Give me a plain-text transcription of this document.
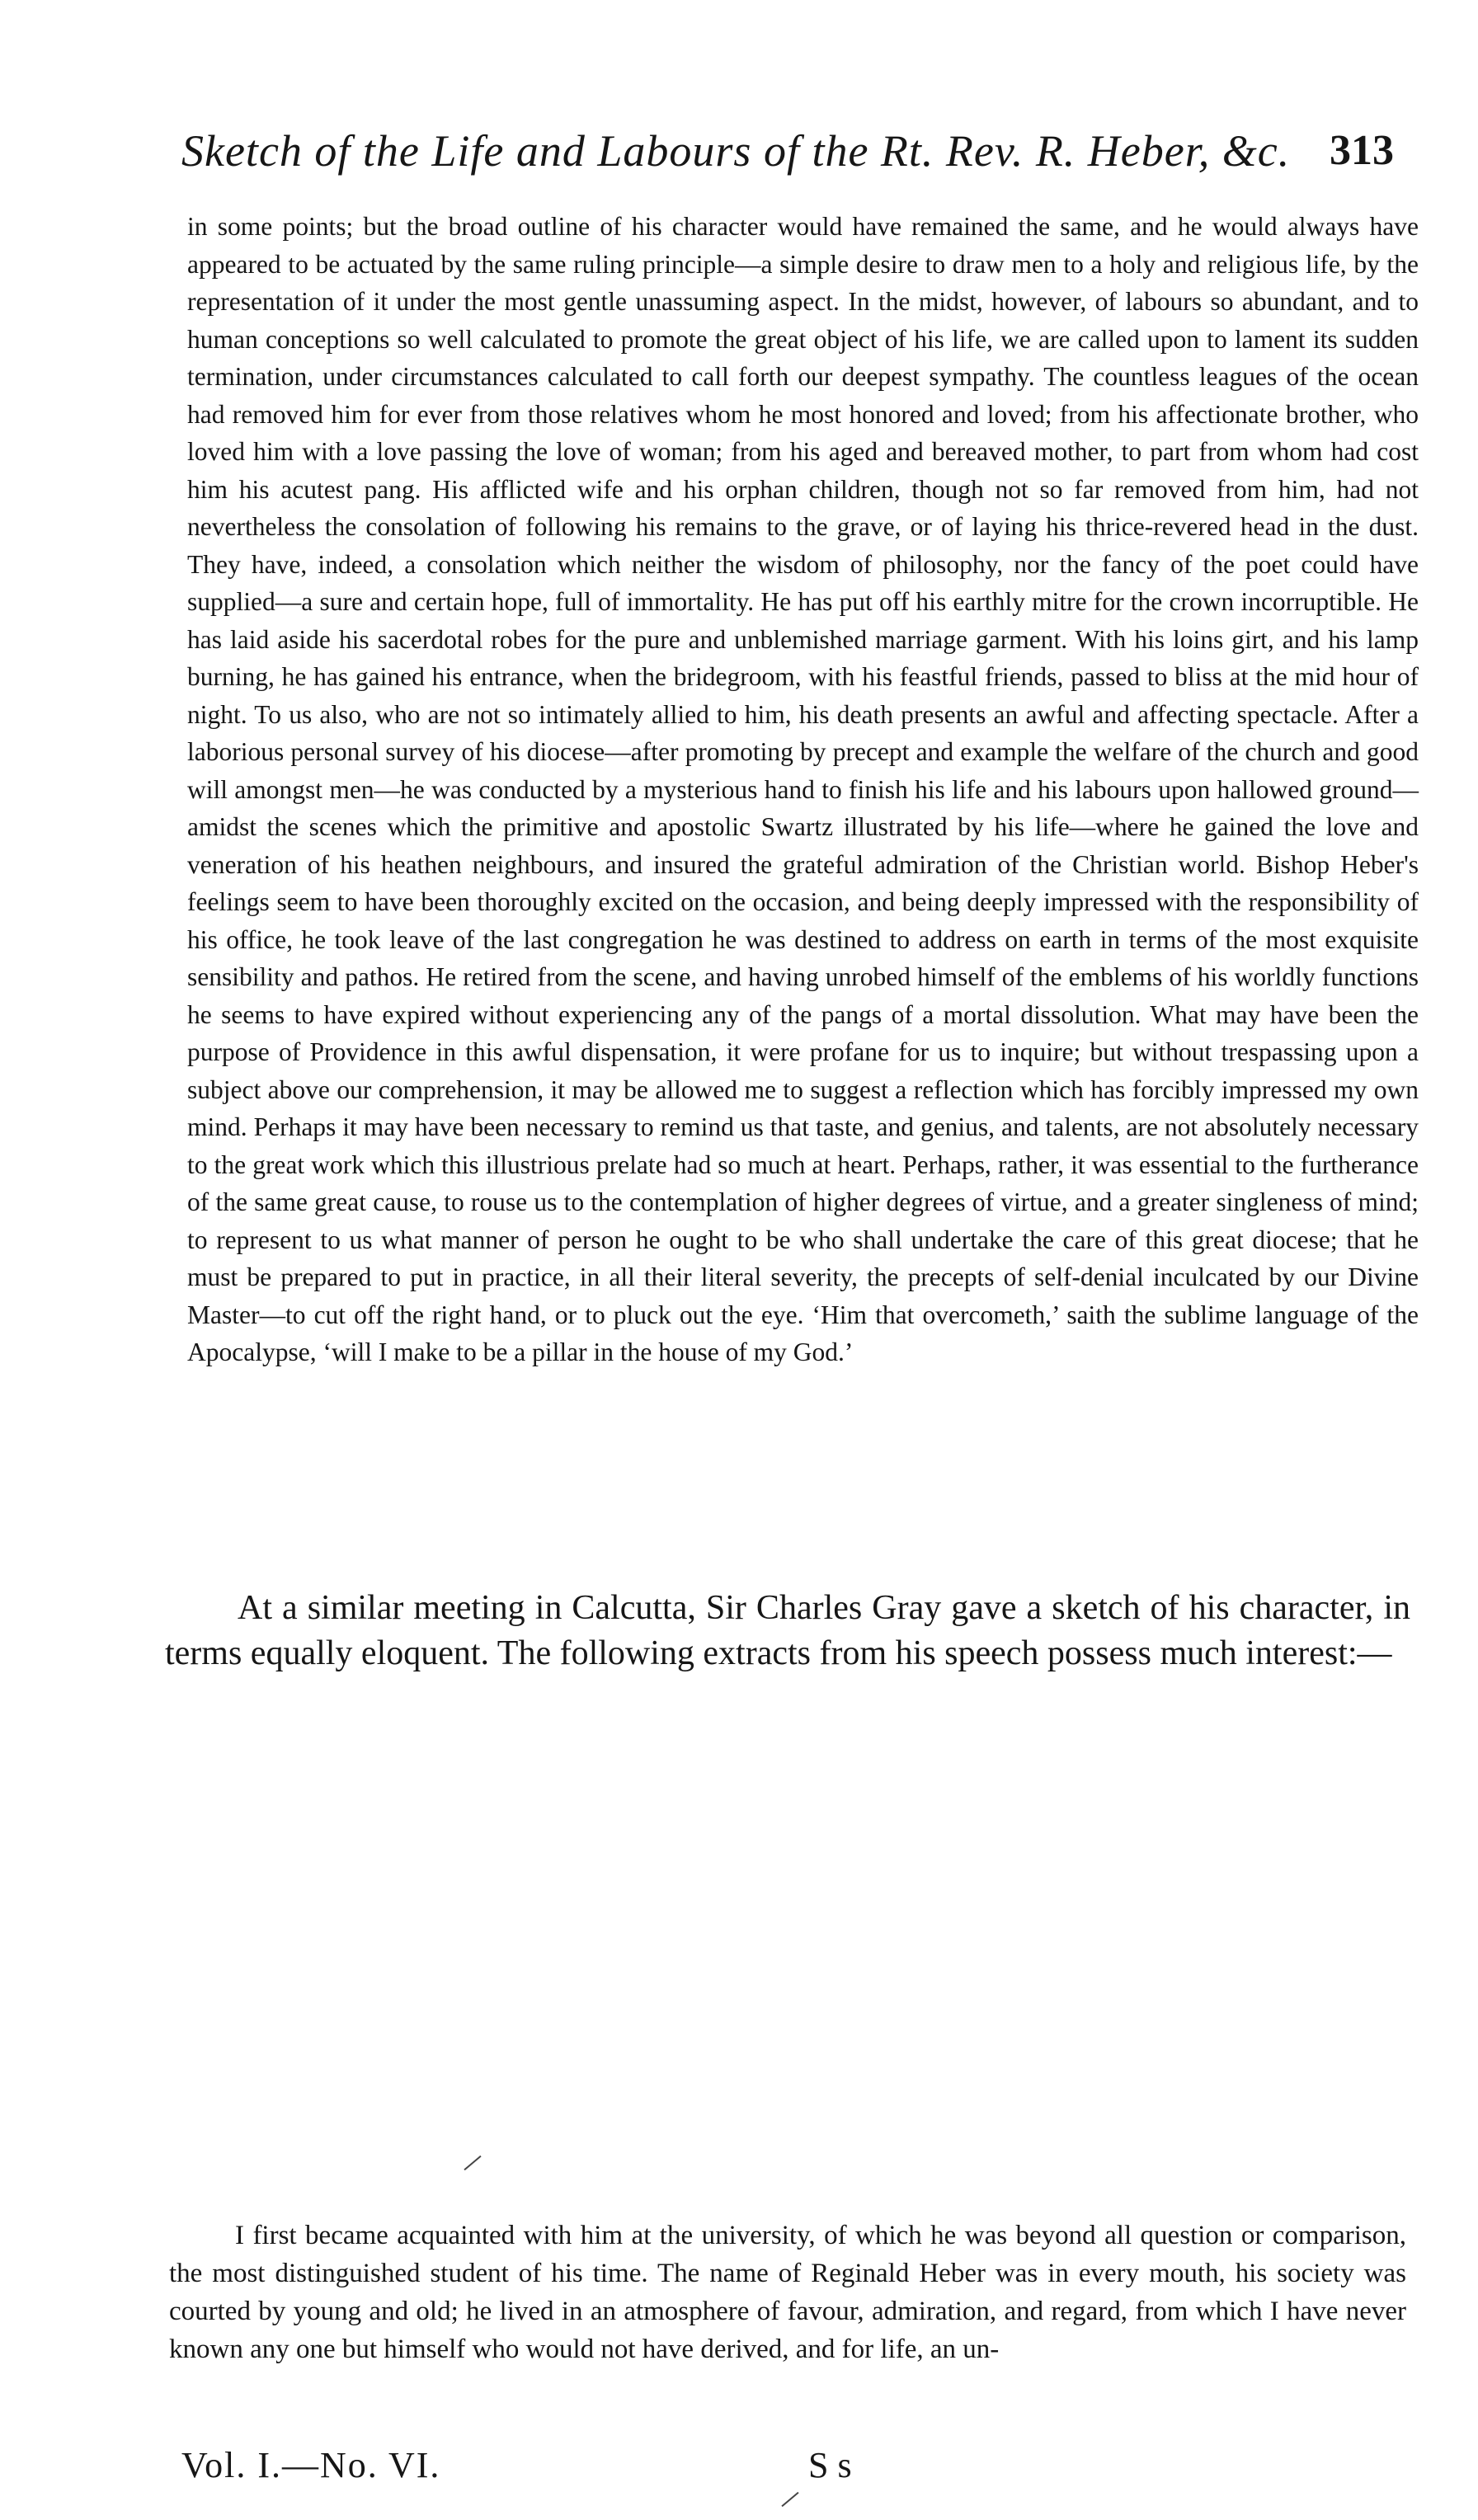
Sketch of the Life and Labours of the Rt. Rev. R. Heber, &c. 313

in some points; but the broad outline of his character would have remained the same, and he would always have appeared to be actuated by the same ruling principle—a simple desire to draw men to a holy and religious life, by the representation of it under the most gentle unassuming aspect. In the midst, however, of labours so abundant, and to human conceptions so well calculated to promote the great object of his life, we are called upon to lament its sudden termination, under circumstances calculated to call forth our deepest sympathy. The countless leagues of the ocean had removed him for ever from those relatives whom he most honored and loved; from his affectionate brother, who loved him with a love passing the love of woman; from his aged and bereaved mother, to part from whom had cost him his acutest pang. His afflicted wife and his orphan children, though not so far removed from him, had not nevertheless the consolation of following his remains to the grave, or of laying his thrice-revered head in the dust. They have, indeed, a consolation which neither the wisdom of philosophy, nor the fancy of the poet could have supplied—a sure and certain hope, full of immortality. He has put off his earthly mitre for the crown incorruptible. He has laid aside his sacerdotal robes for the pure and unblemished marriage garment. With his loins girt, and his lamp burning, he has gained his entrance, when the bridegroom, with his feastful friends, passed to bliss at the mid hour of night. To us also, who are not so intimately allied to him, his death presents an awful and affecting spectacle. After a laborious personal survey of his diocese—after promoting by precept and example the welfare of the church and good will amongst men—he was conducted by a mysterious hand to finish his life and his labours upon hallowed ground—amidst the scenes which the primitive and apostolic Swartz illustrated by his life—where he gained the love and veneration of his heathen neighbours, and insured the grateful admiration of the Christian world. Bishop Heber's feelings seem to have been thoroughly excited on the occasion, and being deeply impressed with the responsibility of his office, he took leave of the last congregation he was destined to address on earth in terms of the most exquisite sensibility and pathos. He retired from the scene, and having unrobed himself of the emblems of his worldly functions he seems to have expired without experiencing any of the pangs of a mortal dissolution. What may have been the purpose of Providence in this awful dispensation, it were profane for us to inquire; but without trespassing upon a subject above our comprehension, it may be allowed me to suggest a reflection which has forcibly impressed my own mind. Perhaps it may have been necessary to remind us that taste, and genius, and talents, are not absolutely necessary to the great work which this illustrious prelate had so much at heart. Perhaps, rather, it was essential to the furtherance of the same great cause, to rouse us to the contemplation of higher degrees of virtue, and a greater singleness of mind; to represent to us what manner of person he ought to be who shall undertake the care of this great diocese; that he must be prepared to put in practice, in all their literal severity, the precepts of self-denial inculcated by our Divine Master—to cut off the right hand, or to pluck out the eye. ‘Him that overcometh,’ saith the sublime language of the Apocalypse, ‘will I make to be a pillar in the house of my God.’

At a similar meeting in Calcutta, Sir Charles Gray gave a sketch of his character, in terms equally eloquent. The following extracts from his speech possess much interest:—

I first became acquainted with him at the university, of which he was beyond all question or comparison, the most distinguished student of his time. The name of Reginald Heber was in every mouth, his society was courted by young and old; he lived in an atmosphere of favour, admiration, and regard, from which I have never known any one but himself who would not have derived, and for life, an un-

Vol. I.—No. VI.	S s
